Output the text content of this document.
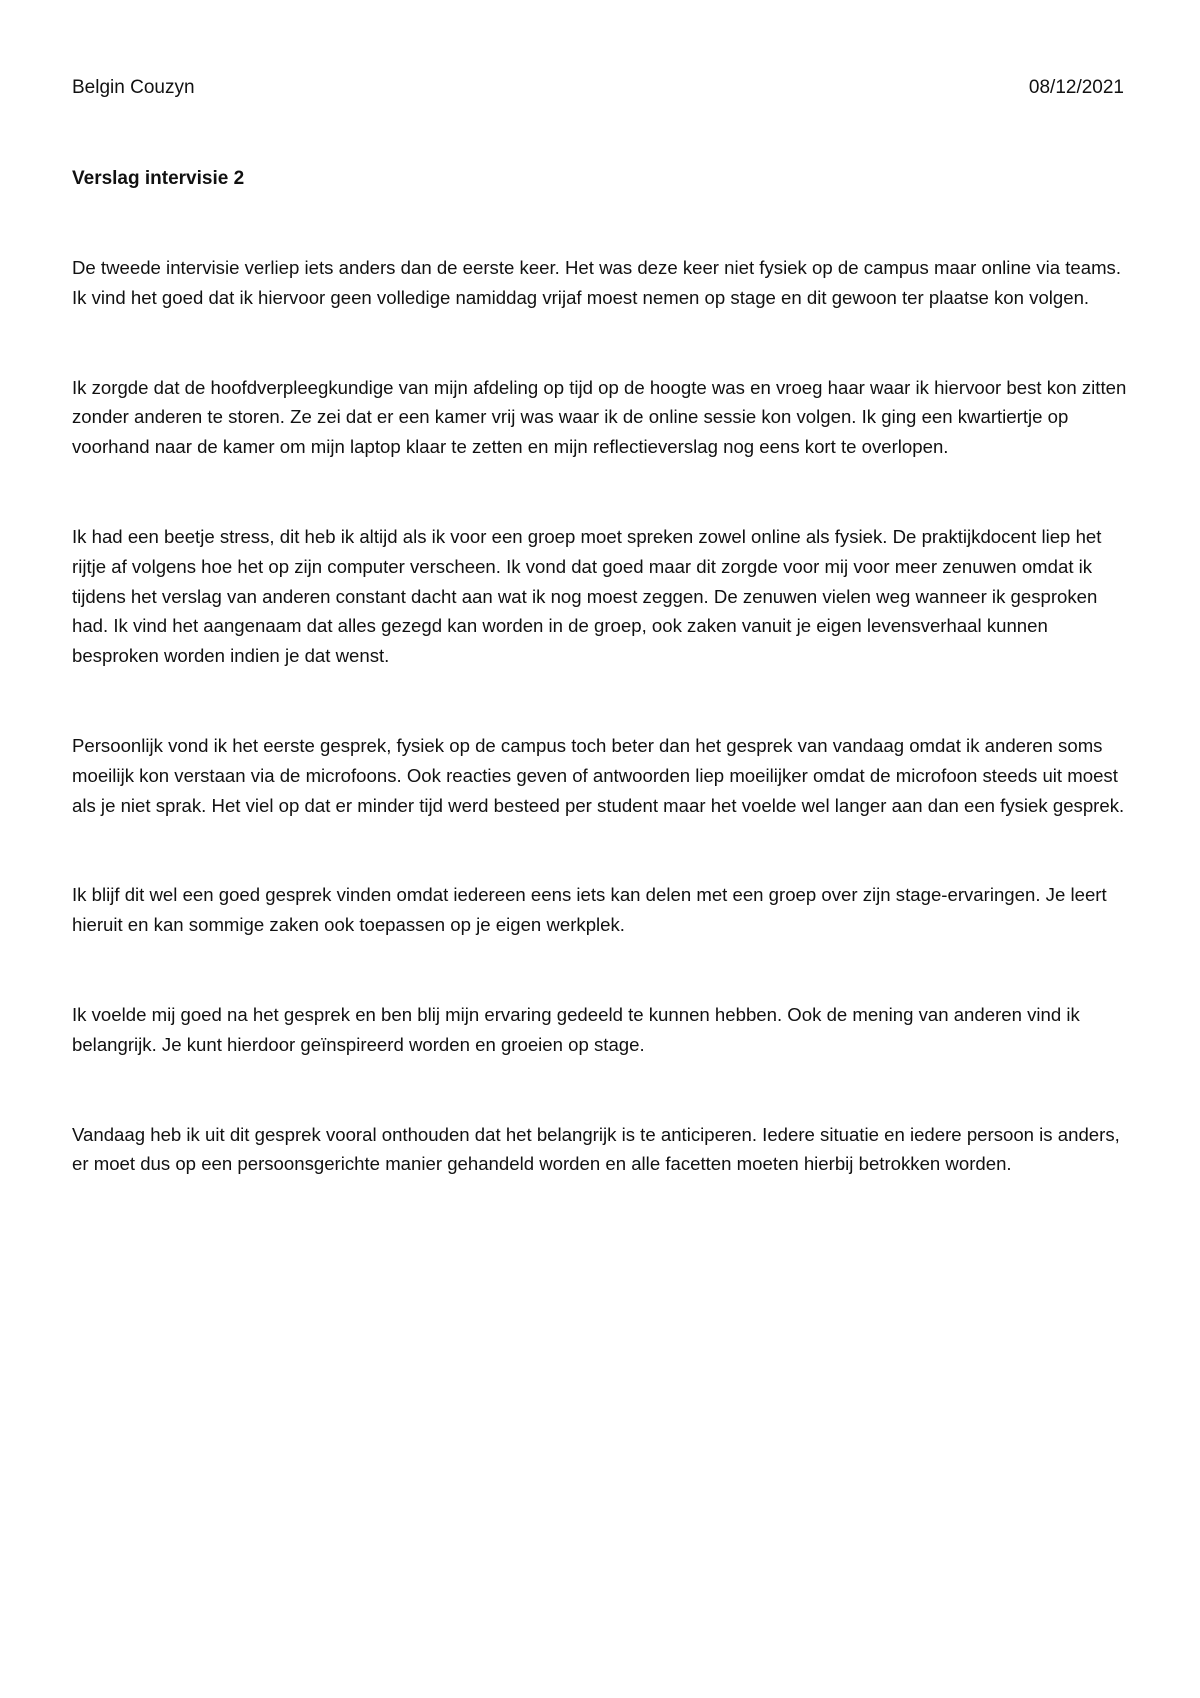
Belgin Couzyn	08/12/2021
Verslag intervisie 2

De tweede intervisie verliep iets anders dan de eerste keer. Het was deze keer niet fysiek op de campus maar online via teams. Ik vind het goed dat ik hiervoor geen volledige namiddag vrijaf moest nemen op stage en dit gewoon ter plaatse kon volgen.

Ik zorgde dat de hoofdverpleegkundige van mijn afdeling op tijd op de hoogte was en vroeg haar waar ik hiervoor best kon zitten zonder anderen te storen. Ze zei dat er een kamer vrij was waar ik de online sessie kon volgen. Ik ging een kwartiertje op voorhand naar de kamer om mijn laptop klaar te zetten en mijn reflectieverslag nog eens kort te overlopen.

Ik had een beetje stress, dit heb ik altijd als ik voor een groep moet spreken zowel online als fysiek. De praktijkdocent liep het rijtje af volgens hoe het op zijn computer verscheen. Ik vond dat goed maar dit zorgde voor mij voor meer zenuwen omdat ik tijdens het verslag van anderen constant dacht aan wat ik nog moest zeggen. De zenuwen vielen weg wanneer ik gesproken had. Ik vind het aangenaam dat alles gezegd kan worden in de groep, ook zaken vanuit je eigen levensverhaal kunnen besproken worden indien je dat wenst.

Persoonlijk vond ik het eerste gesprek, fysiek op de campus toch beter dan het gesprek van vandaag omdat ik anderen soms moeilijk kon verstaan via de microfoons. Ook reacties geven of antwoorden liep moeilijker omdat de microfoon steeds uit moest als je niet sprak. Het viel op dat er minder tijd werd besteed per student maar het voelde wel langer aan dan een fysiek gesprek.

Ik blijf dit wel een goed gesprek vinden omdat iedereen eens iets kan delen met een groep over zijn stage-ervaringen. Je leert hieruit en kan sommige zaken ook toepassen op je eigen werkplek.

Ik voelde mij goed na het gesprek en ben blij mijn ervaring gedeeld te kunnen hebben. Ook de mening van anderen vind ik belangrijk. Je kunt hierdoor geïnspireerd worden en groeien op stage.

Vandaag heb ik uit dit gesprek vooral onthouden dat het belangrijk is te anticiperen. Iedere situatie en iedere persoon is anders, er moet dus op een persoonsgerichte manier gehandeld worden en alle facetten moeten hierbij betrokken worden.
